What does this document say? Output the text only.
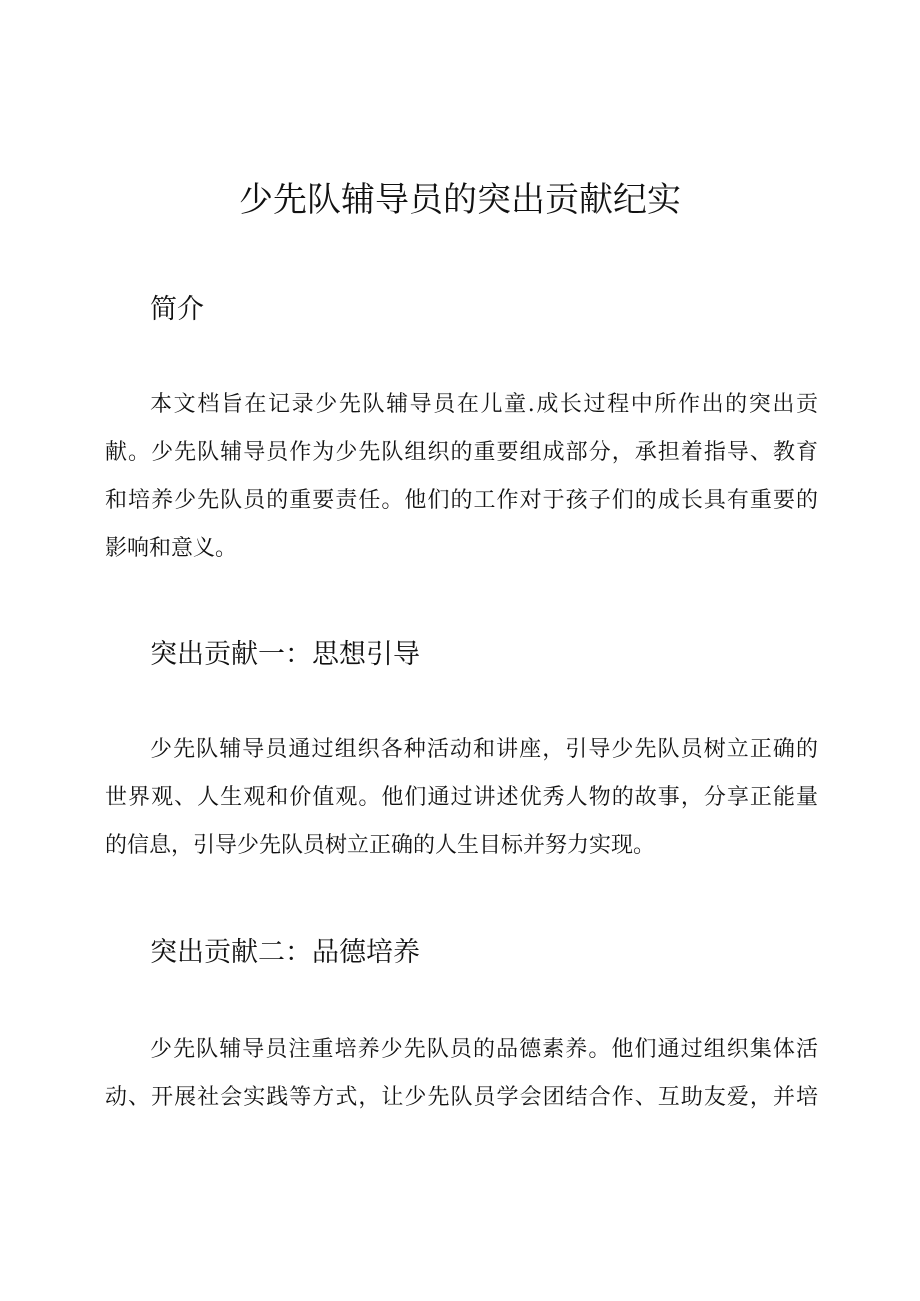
少先队辅导员的突出贡献纪实
简介
本文档旨在记录少先队辅导员在儿童.成长过程中所作出的突出贡
献。少先队辅导员作为少先队组织的重要组成部分，承担着指导、教育
和培养少先队员的重要责任。他们的工作对于孩子们的成长具有重要的
影响和意义。
突出贡献一：思想引导
少先队辅导员通过组织各种活动和讲座，引导少先队员树立正确的
世界观、人生观和价值观。他们通过讲述优秀人物的故事，分享正能量
的信息，引导少先队员树立正确的人生目标并努力实现。
突出贡献二：品德培养
少先队辅导员注重培养少先队员的品德素养。他们通过组织集体活
动、开展社会实践等方式，让少先队员学会团结合作、互助友爱，并培
